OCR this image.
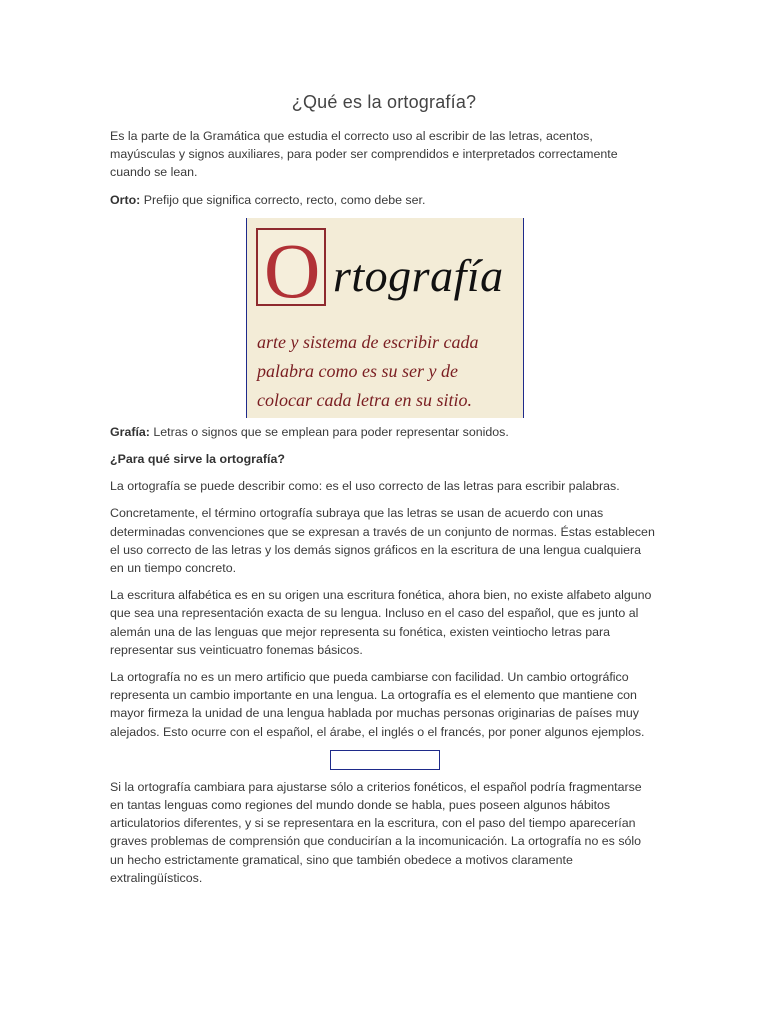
¿Qué es la ortografía?

Es la parte de la Gramática que estudia el correcto uso al escribir de las letras, acentos, mayúsculas y signos auxiliares, para poder ser comprendidos e interpretados correctamente cuando se lean.

Orto: Prefijo que significa correcto, recto, como debe ser.

O rtografía
arte y sistema de escribir cada palabra como es su ser y de colocar cada letra en su sitio.

Grafía: Letras o signos que se emplean para poder representar sonidos.

¿Para qué sirve la ortografía?

La ortografía se puede describir como: es el uso correcto de las letras para escribir palabras.

Concretamente, el término ortografía subraya que las letras se usan de acuerdo con unas determinadas convenciones que se expresan a través de un conjunto de normas. Éstas establecen el uso correcto de las letras y los demás signos gráficos en la escritura de una lengua cualquiera en un tiempo concreto.

La escritura alfabética es en su origen una escritura fonética, ahora bien, no existe alfabeto alguno que sea una representación exacta de su lengua. Incluso en el caso del español, que es junto al alemán una de las lenguas que mejor representa su fonética, existen veintiocho letras para representar sus veinticuatro fonemas básicos.

La ortografía no es un mero artificio que pueda cambiarse con facilidad. Un cambio ortográfico representa un cambio importante en una lengua. La ortografía es el elemento que mantiene con mayor firmeza la unidad de una lengua hablada por muchas personas originarias de países muy alejados. Esto ocurre con el español, el árabe, el inglés o el francés, por poner algunos ejemplos.

Si la ortografía cambiara para ajustarse sólo a criterios fonéticos, el español podría fragmentarse en tantas lenguas como regiones del mundo donde se habla, pues poseen algunos hábitos articulatorios diferentes, y si se representara en la escritura, con el paso del tiempo aparecerían graves problemas de comprensión que conducirían a la incomunicación. La ortografía no es sólo un hecho estrictamente gramatical, sino que también obedece a motivos claramente extralingüísticos.
